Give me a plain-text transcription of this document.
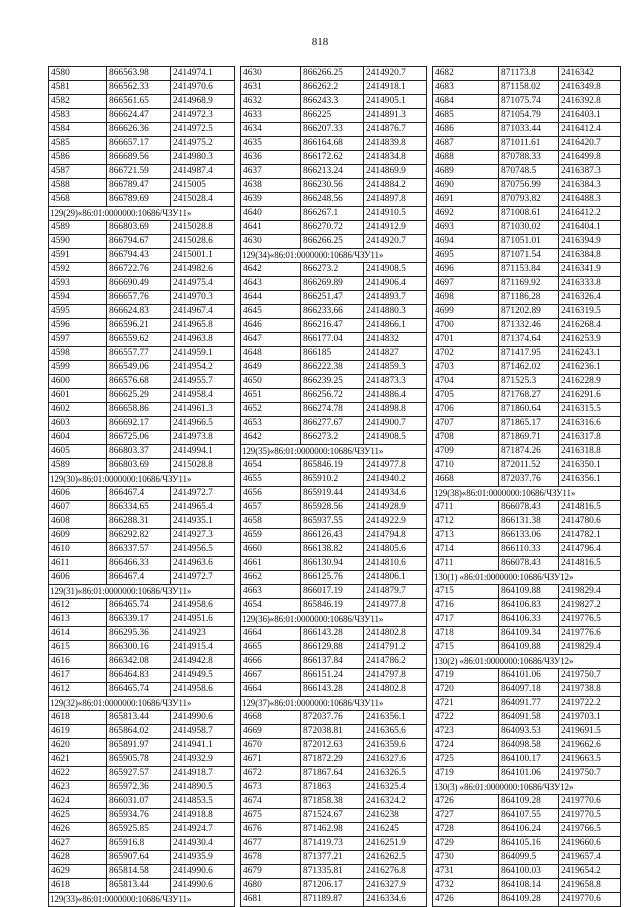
818
4580	866563.98	2414974.1
4581	866562.33	2414970.6
4582	866561.65	2414968.9
4583	866624.47	2414972.3
4584	866626.36	2414972.5
4585	866657.17	2414975.2
4586	866689.56	2414980.3
4587	866721.59	2414987.4
4588	866789.47	2415005
4568	866789.69	2415028.4
129(29)«86:01:0000000:10686/ЧЗУ11»		
4589	866803.69	2415028.8
4590	866794.67	2415028.6
4591	866794.43	2415001.1
4592	866722.76	2414982.6
4593	866690.49	2414975.4
4594	866657.76	2414970.3
4595	866624.83	2414967.4
4596	866596.21	2414965.8
4597	866559.62	2414963.8
4598	866557.77	2414959.1
4599	866549.06	2414954.2
4600	866576.68	2414955.7
4601	866625.29	2414958.4
4602	866658.86	2414961.3
4603	866692.17	2414966.5
4604	866725.06	2414973.8
4605	866803.37	2414994.1
4589	866803.69	2415028.8
129(30)«86:01:0000000:10686/ЧЗУ11»		
4606	866467.4	2414972.7
4607	866334.65	2414965.4
4608	866288.31	2414935.1
4609	866292.82	2414927.3
4610	866337.57	2414956.5
4611	866466.33	2414963.6
4606	866467.4	2414972.7
129(31)«86:01:0000000:10686/ЧЗУ11»		
4612	866465.74	2414958.6
4613	866339.17	2414951.6
4614	866295.36	2414923
4615	866300.16	2414915.4
4616	866342.08	2414942.8
4617	866464.83	2414949.5
4612	866465.74	2414958.6
129(32)«86:01:0000000:10686/ЧЗУ11»		
4618	865813.44	2414990.6
4619	865864.02	2414958.7
4620	865891.97	2414941.1
4621	865905.78	2414932.9
4622	865927.57	2414918.7
4623	865972.36	2414890.5
4624	866031.07	2414853.5
4625	865934.76	2414918.8
4626	865925.85	2414924.7
4627	865916.8	2414930.4
4628	865907.64	2414935.9
4629	865814.58	2414990.6
4618	865813.44	2414990.6
129(33)«86:01:0000000:10686/ЧЗУ11»		
4630	866266.25	2414920.7
4631	866262.2	2414918.1
4632	866243.3	2414905.1
4633	866225	2414891.3
4634	866207.33	2414876.7
4635	866164.68	2414839.8
4636	866172.62	2414834.8
4637	866213.24	2414869.9
4638	866230.56	2414884.2
4639	866248.56	2414897.8
4640	866267.1	2414910.5
4641	866270.72	2414912.9
4630	866266.25	2414920.7
129(34)«86:01:0000000:10686/ЧЗУ11»		
4642	866273.2	2414908.5
4643	866269.89	2414906.4
4644	866251.47	2414893.7
4645	866233.66	2414880.3
4646	866216.47	2414866.1
4647	866177.04	2414832
4648	866185	2414827
4649	866222.38	2414859.3
4650	866239.25	2414873.3
4651	866256.72	2414886.4
4652	866274.78	2414898.8
4653	866277.67	2414900.7
4642	866273.2	2414908.5
129(35)«86:01:0000000:10686/ЧЗУ11»		
4654	865846.19	2414977.8
4655	865910.2	2414940.2
4656	865919.44	2414934.6
4657	865928.56	2414928.9
4658	865937.55	2414922.9
4659	866126.43	2414794.8
4660	866138.82	2414805.6
4661	866130.94	2414810.6
4662	866125.76	2414806.1
4663	866017.19	2414879.7
4654	865846.19	2414977.8
129(36)«86:01:0000000:10686/ЧЗУ11»		
4664	866143.28	2414802.8
4665	866129.88	2414791.2
4666	866137.84	2414786.2
4667	866151.24	2414797.8
4664	866143.28	2414802.8
129(37)«86:01:0000000:10686/ЧЗУ11»		
4668	872037.76	2416356.1
4669	872038.81	2416365.6
4670	872012.63	2416359.6
4671	871872.29	2416327.6
4672	871867.64	2416326.5
4673	871863	2416325.4
4674	871858.38	2416324.2
4675	871524.67	2416238
4676	871462.98	2416245
4677	871419.73	2416251.9
4678	871377.21	2416262.5
4679	871335.81	2416276.8
4680	871206.17	2416327.9
4681	871189.87	2416334.6
4682	871173.8	2416342
4683	871158.02	2416349.8
4684	871075.74	2416392.8
4685	871054.79	2416403.1
4686	871033.44	2416412.4
4687	871011.61	2416420.7
4688	870788.33	2416499.8
4689	870748.5	2416387.3
4690	870756.99	2416384.3
4691	870793.82	2416488.3
4692	871008.61	2416412.2
4693	871030.02	2416404.1
4694	871051.01	2416394.9
4695	871071.54	2416384.8
4696	871153.84	2416341.9
4697	871169.92	2416333.8
4698	871186.28	2416326.4
4699	871202.89	2416319.5
4700	871332.46	2416268.4
4701	871374.64	2416253.9
4702	871417.95	2416243.1
4703	871462.02	2416236.1
4704	871525.3	2416228.9
4705	871768.27	2416291.6
4706	871860.64	2416315.5
4707	871865.17	2416316.6
4708	871869.71	2416317.8
4709	871874.26	2416318.8
4710	872011.52	2416350.1
4668	872037.76	2416356.1
129(38)«86:01:0000000:10686/ЧЗУ11»		
4711	866078.43	2414816.5
4712	866131.38	2414780.6
4713	866133.06	2414782.1
4714	866110.33	2414796.4
4711	866078.43	2414816.5
130(1) «86:01:0000000:10686/ЧЗУ12»		
4715	864109.88	2419829.4
4716	864106.83	2419827.2
4717	864106.33	2419776.5
4718	864109.34	2419776.6
4715	864109.88	2419829.4
130(2) «86:01:0000000:10686/ЧЗУ12»		
4719	864101.06	2419750.7
4720	864097.18	2419738.8
4721	864091.77	2419722.2
4722	864091.58	2419703.1
4723	864093.53	2419691.5
4724	864098.58	2419662.6
4725	864100.17	2419663.5
4719	864101.06	2419750.7
130(3) «86:01:0000000:10686/ЧЗУ12»		
4726	864109.28	2419770.6
4727	864107.55	2419770.5
4728	864106.24	2419766.5
4729	864105.16	2419660.6
4730	864099.5	2419657.4
4731	864100.03	2419654.2
4732	864108.14	2419658.8
4726	864109.28	2419770.6
